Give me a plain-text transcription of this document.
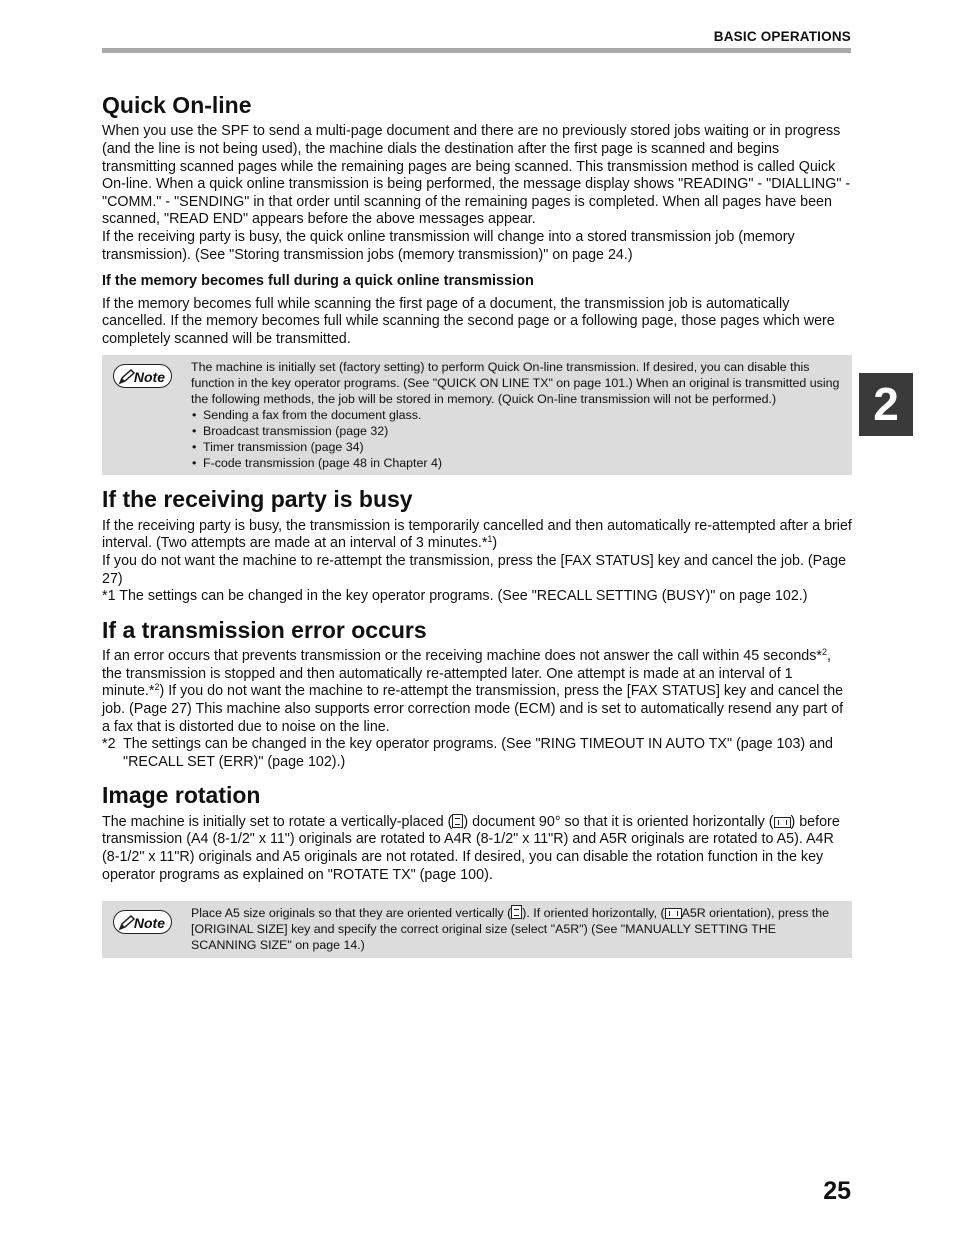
BASIC OPERATIONS
2
Quick On-line

When you use the SPF to send a multi-page document and there are no previously stored jobs waiting or in progress (and the line is not being used), the machine dials the destination after the first page is scanned and begins transmitting scanned pages while the remaining pages are being scanned. This transmission method is called Quick On-line. When a quick online transmission is being performed, the message display shows "READING" - "DIALLING" - "COMM." - "SENDING" in that order until scanning of the remaining pages is completed. When all pages have been scanned, "READ END" appears before the above messages appear.

If the receiving party is busy, the quick online transmission will change into a stored transmission job (memory transmission). (See "Storing transmission jobs (memory transmission)" on page 24.)

If the memory becomes full during a quick online transmission

If the memory becomes full while scanning the first page of a document, the transmission job is automatically cancelled. If the memory becomes full while scanning the second page or a following page, those pages which were completely scanned will be transmitted.

Note

The machine is initially set (factory setting) to perform Quick On-line transmission. If desired, you can disable this function in the key operator programs. (See "QUICK ON LINE TX" on page 101.) When an original is transmitted using the following methods, the job will be stored in memory. (Quick On-line transmission will not be performed.)

• Sending a fax from the document glass.
• Broadcast transmission (page 32)
• Timer transmission (page 34)
• F-code transmission (page 48 in Chapter 4)
If the receiving party is busy

If the receiving party is busy, the transmission is temporarily cancelled and then automatically re-attempted after a brief interval. (Two attempts are made at an interval of 3 minutes.*$^1$)

If you do not want the machine to re-attempt the transmission, press the [FAX STATUS] key and cancel the job. (Page 27)

*1 The settings can be changed in the key operator programs. (See "RECALL SETTING (BUSY)" on page 102.)

If a transmission error occurs

If an error occurs that prevents transmission or the receiving machine does not answer the call within 45 seconds*$^2$, the transmission is stopped and then automatically re-attempted later. One attempt is made at an interval of 1 minute.*$^2$) If you do not want the machine to re-attempt the transmission, press the [FAX STATUS] key and cancel the job. (Page 27) This machine also supports error correction mode (ECM) and is set to automatically resend any part of a fax that is distorted due to noise on the line.

*2 The settings can be changed in the key operator programs. (See "RING TIMEOUT IN AUTO TX" (page 103) and "RECALL SET (ERR)" (page 102).)
Image rotation

The machine is initially set to rotate a vertically-placed ( ) document 90° so that it is oriented horizontally ( ) before transmission (A4 (8-1/2" x 11") originals are rotated to A4R (8-1/2" x 11"R) and A5R originals are rotated to A5). A4R (8-1/2" x 11"R) originals and A5 originals are not rotated. If desired, you can disable the rotation function in the key operator programs as explained on "ROTATE TX" (page 100).

Note

Place A5 size originals so that they are oriented vertically ( ). If oriented horizontally, ( A5R orientation), press the [ORIGINAL SIZE] key and specify the correct original size (select "A5R") (See "MANUALLY SETTING THE SCANNING SIZE" on page 14.)

25
